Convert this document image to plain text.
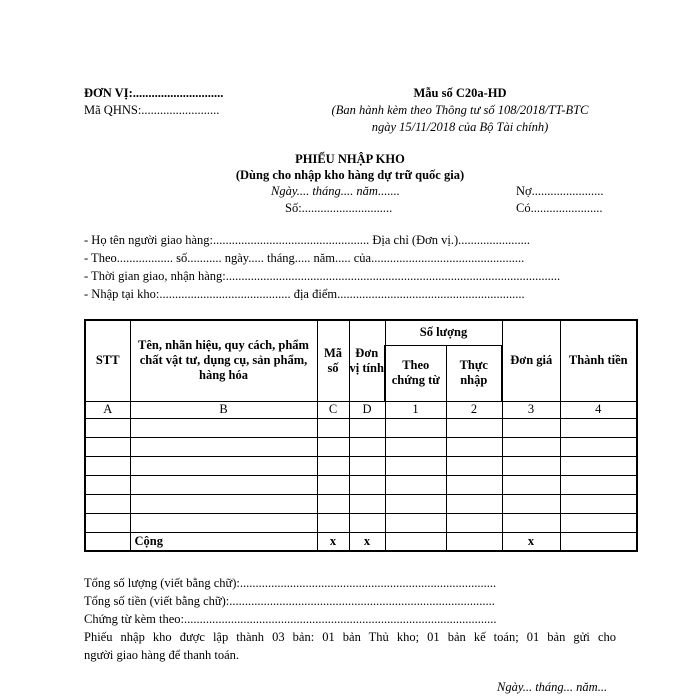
ĐƠN VỊ:.............................
Mã QHNS:.........................
Mẫu số C20a-HD
(Ban hành kèm theo Thông tư số 108/2018/TT-BTC
ngày 15/11/2018 của Bộ Tài chính)
PHIẾU NHẬP KHO
(Dùng cho nhập kho hàng dự trữ quốc gia)
Ngày.... tháng.... năm.......
Số:.............................
Nợ.......................
Có.......................
- Họ tên người giao hàng:.................................................. Địa chỉ (Đơn vị.).......................
- Theo.................. số........... ngày..... tháng..... năm..... của.................................................
- Thời gian giao, nhận hàng:...........................................................................................................
- Nhập tại kho:.......................................... địa điểm............................................................
STT	Tên, nhãn hiệu, quy cách, phẩm chất vật tư, dụng cụ, sản phẩm, hàng hóa	Mã số	Đơn vị tính	Số lượng		Đơn giá	Thành tiền
				Theo chứng từ	Thực nhập		
A	B	C	D	1	2	3	4

	Cộng	x	x			x	
Tổng số lượng (viết bằng chữ):..................................................................................
Tổng số tiền (viết bằng chữ):.....................................................................................
Chứng từ kèm theo:....................................................................................................
Phiếu nhập kho được lập thành 03 bản: 01 bản Thủ kho; 01 bản kế toán; 01 bản gửi cho
người giao hàng để thanh toán.
Ngày... tháng... năm...
